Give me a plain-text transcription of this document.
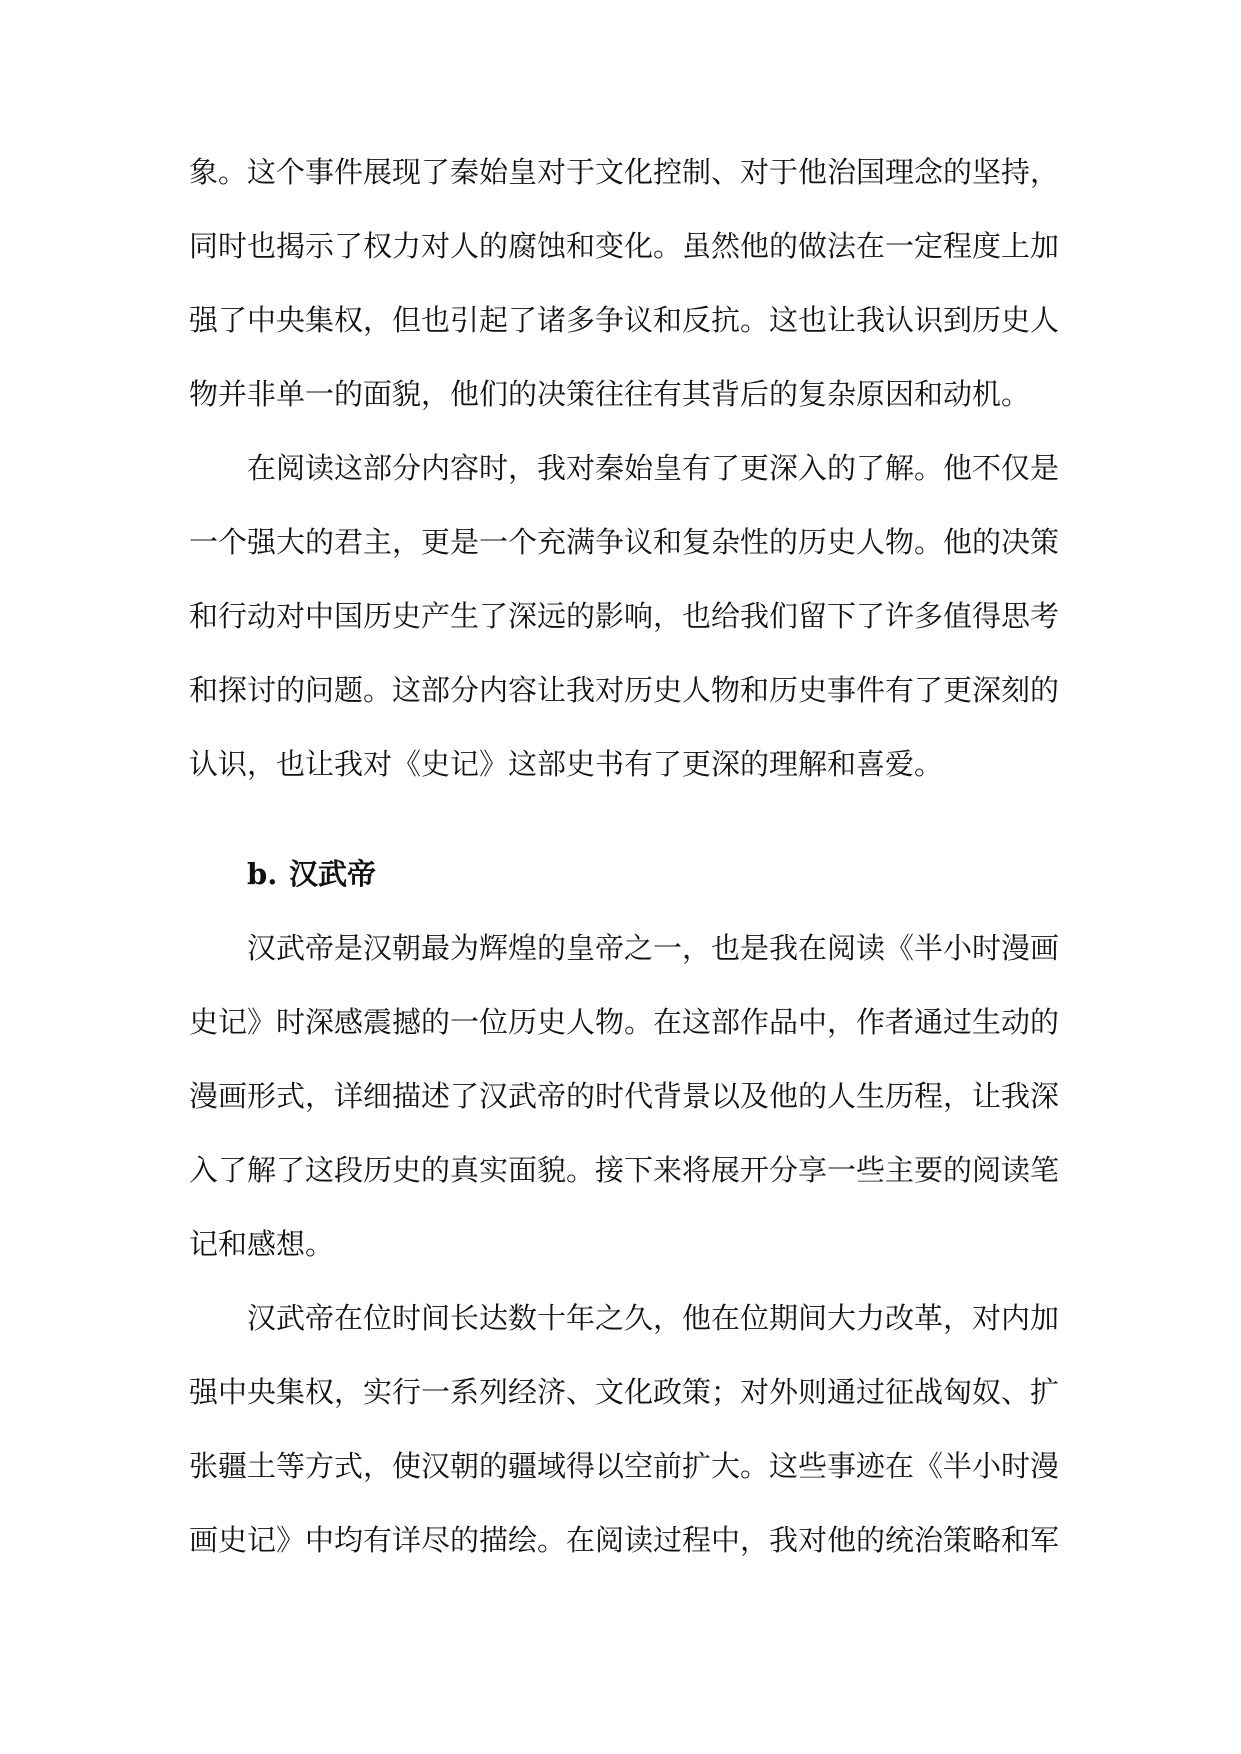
象。这个事件展现了秦始皇对于文化控制、对于他治国理念的坚持，
同时也揭示了权力对人的腐蚀和变化。虽然他的做法在一定程度上加
强了中央集权，但也引起了诸多争议和反抗。这也让我认识到历史人
物并非单一的面貌，他们的决策往往有其背后的复杂原因和动机。
在阅读这部分内容时，我对秦始皇有了更深入的了解。他不仅是
一个强大的君主，更是一个充满争议和复杂性的历史人物。他的决策
和行动对中国历史产生了深远的影响，也给我们留下了许多值得思考
和探讨的问题。这部分内容让我对历史人物和历史事件有了更深刻的
认识，也让我对《史记》这部史书有了更深的理解和喜爱。
b. 汉武帝
汉武帝是汉朝最为辉煌的皇帝之一，也是我在阅读《半小时漫画
史记》时深感震撼的一位历史人物。在这部作品中，作者通过生动的
漫画形式，详细描述了汉武帝的时代背景以及他的人生历程，让我深
入了解了这段历史的真实面貌。接下来将展开分享一些主要的阅读笔
记和感想。
汉武帝在位时间长达数十年之久，他在位期间大力改革，对内加
强中央集权，实行一系列经济、文化政策；对外则通过征战匈奴、扩
张疆土等方式，使汉朝的疆域得以空前扩大。这些事迹在《半小时漫
画史记》中均有详尽的描绘。在阅读过程中，我对他的统治策略和军
